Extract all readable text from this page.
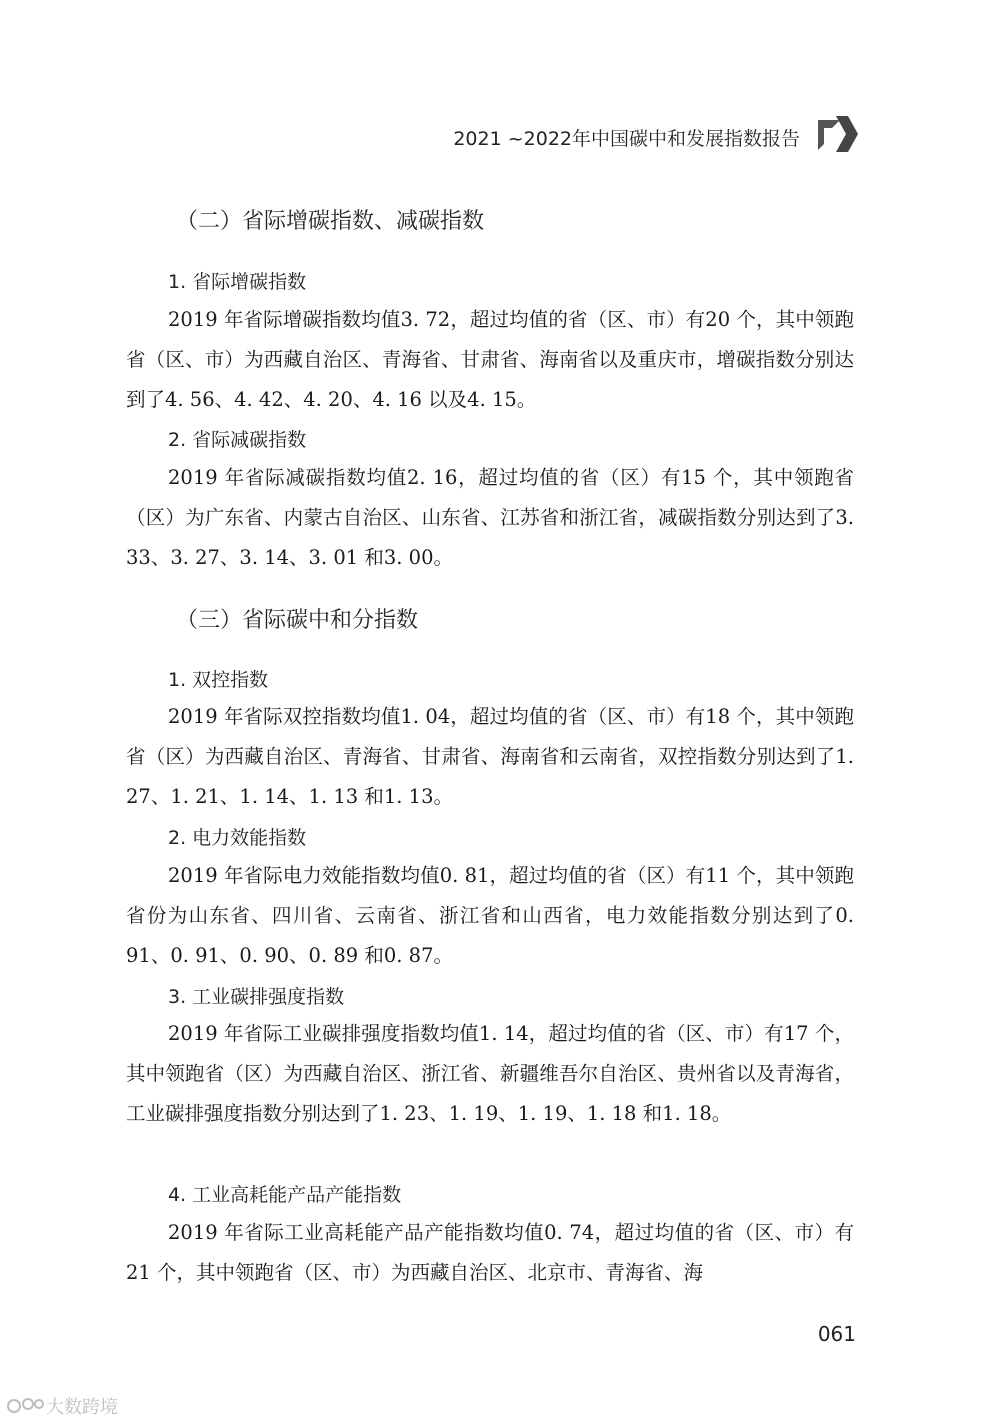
2021 ~2022年中国碳中和发展指数报告
（二）省际增碳指数、减碳指数
1. 省际增碳指数

2019 年省际增碳指数均值3. 72，超过均值的省（区、市）有20 个，其中领跑省（区、市）为西藏自治区、青海省、甘肃省、海南省以及重庆市，增碳指数分别达到了4. 56、4. 42、4. 20、4. 16 以及4. 15。

2. 省际减碳指数

2019 年省际减碳指数均值2. 16，超过均值的省（区）有15 个，其中领跑省（区）为广东省、内蒙古自治区、山东省、江苏省和浙江省，减碳指数分别达到了3. 33、3. 27、3. 14、3. 01 和3. 00。

（三）省际碳中和分指数
1. 双控指数

2019 年省际双控指数均值1. 04，超过均值的省（区、市）有18 个，其中领跑省（区）为西藏自治区、青海省、甘肃省、海南省和云南省，双控指数分别达到了1. 27、1. 21、1. 14、1. 13 和1. 13。

2. 电力效能指数

2019 年省际电力效能指数均值0. 81，超过均值的省（区）有11 个，其中领跑省份为山东省、四川省、云南省、浙江省和山西省，电力效能指数分别达到了0. 91、0. 91、0. 90、0. 89 和0. 87。

3. 工业碳排强度指数

2019 年省际工业碳排强度指数均值1. 14，超过均值的省（区、市）有17 个，其中领跑省（区）为西藏自治区、浙江省、新疆维吾尔自治区、贵州省以及青海省，工业碳排强度指数分别达到了1. 23、1. 19、1. 19、1. 18 和1. 18。

4. 工业高耗能产品产能指数

2019 年省际工业高耗能产品产能指数均值0. 74，超过均值的省（区、市）有21 个，其中领跑省（区、市）为西藏自治区、北京市、青海省、海

061
大数跨境
